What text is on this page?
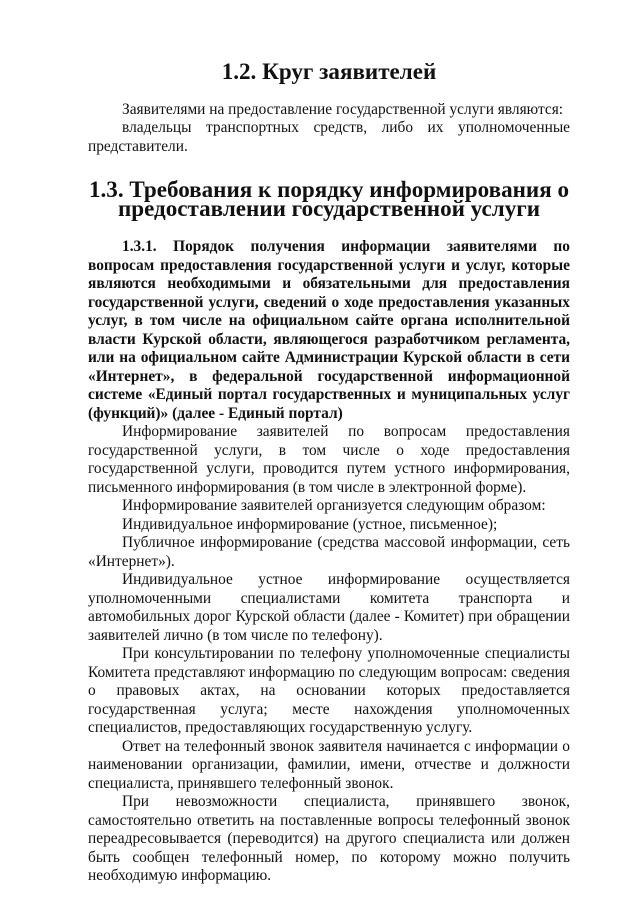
1.2. Круг заявителей

Заявителями на предоставление государственной услуги являются:

владельцы транспортных средств, либо их уполномоченные представители.

1.3. Требования к порядку информирования о предоставлении государственной услуги

1.3.1. Порядок получения информации заявителями по вопросам предоставления государственной услуги и услуг, которые являются необходимыми и обязательными для предоставления государственной услуги, сведений о ходе предоставления указанных услуг, в том числе на официальном сайте органа исполнительной власти Курской области, являющегося разработчиком регламента, или на официальном сайте Администрации Курской области в сети «Интернет», в федеральной государственной информационной системе «Единый портал государственных и муниципальных услуг (функций)» (далее - Единый портал)

Информирование заявителей по вопросам предоставления государственной услуги, в том числе о ходе предоставления государственной услуги, проводится путем устного информирования, письменного информирования (в том числе в электронной форме).

Информирование заявителей организуется следующим образом:

Индивидуальное информирование (устное, письменное);

Публичное информирование (средства массовой информации, сеть «Интернет»).

Индивидуальное устное информирование осуществляется уполномоченными специалистами комитета транспорта и автомобильных дорог Курской области (далее - Комитет) при обращении заявителей лично (в том числе по телефону).

При консультировании по телефону уполномоченные специалисты Комитета представляют информацию по следующим вопросам: сведения о правовых актах, на основании которых предоставляется государственная услуга; месте нахождения уполномоченных специалистов, предоставляющих государственную услугу.

Ответ на телефонный звонок заявителя начинается с информации о наименовании организации, фамилии, имени, отчестве и должности специалиста, принявшего телефонный звонок.

При невозможности специалиста, принявшего звонок, самостоятельно ответить на поставленные вопросы телефонный звонок переадресовывается (переводится) на другого специалиста или должен быть сообщен телефонный номер, по которому можно получить необходимую информацию.
